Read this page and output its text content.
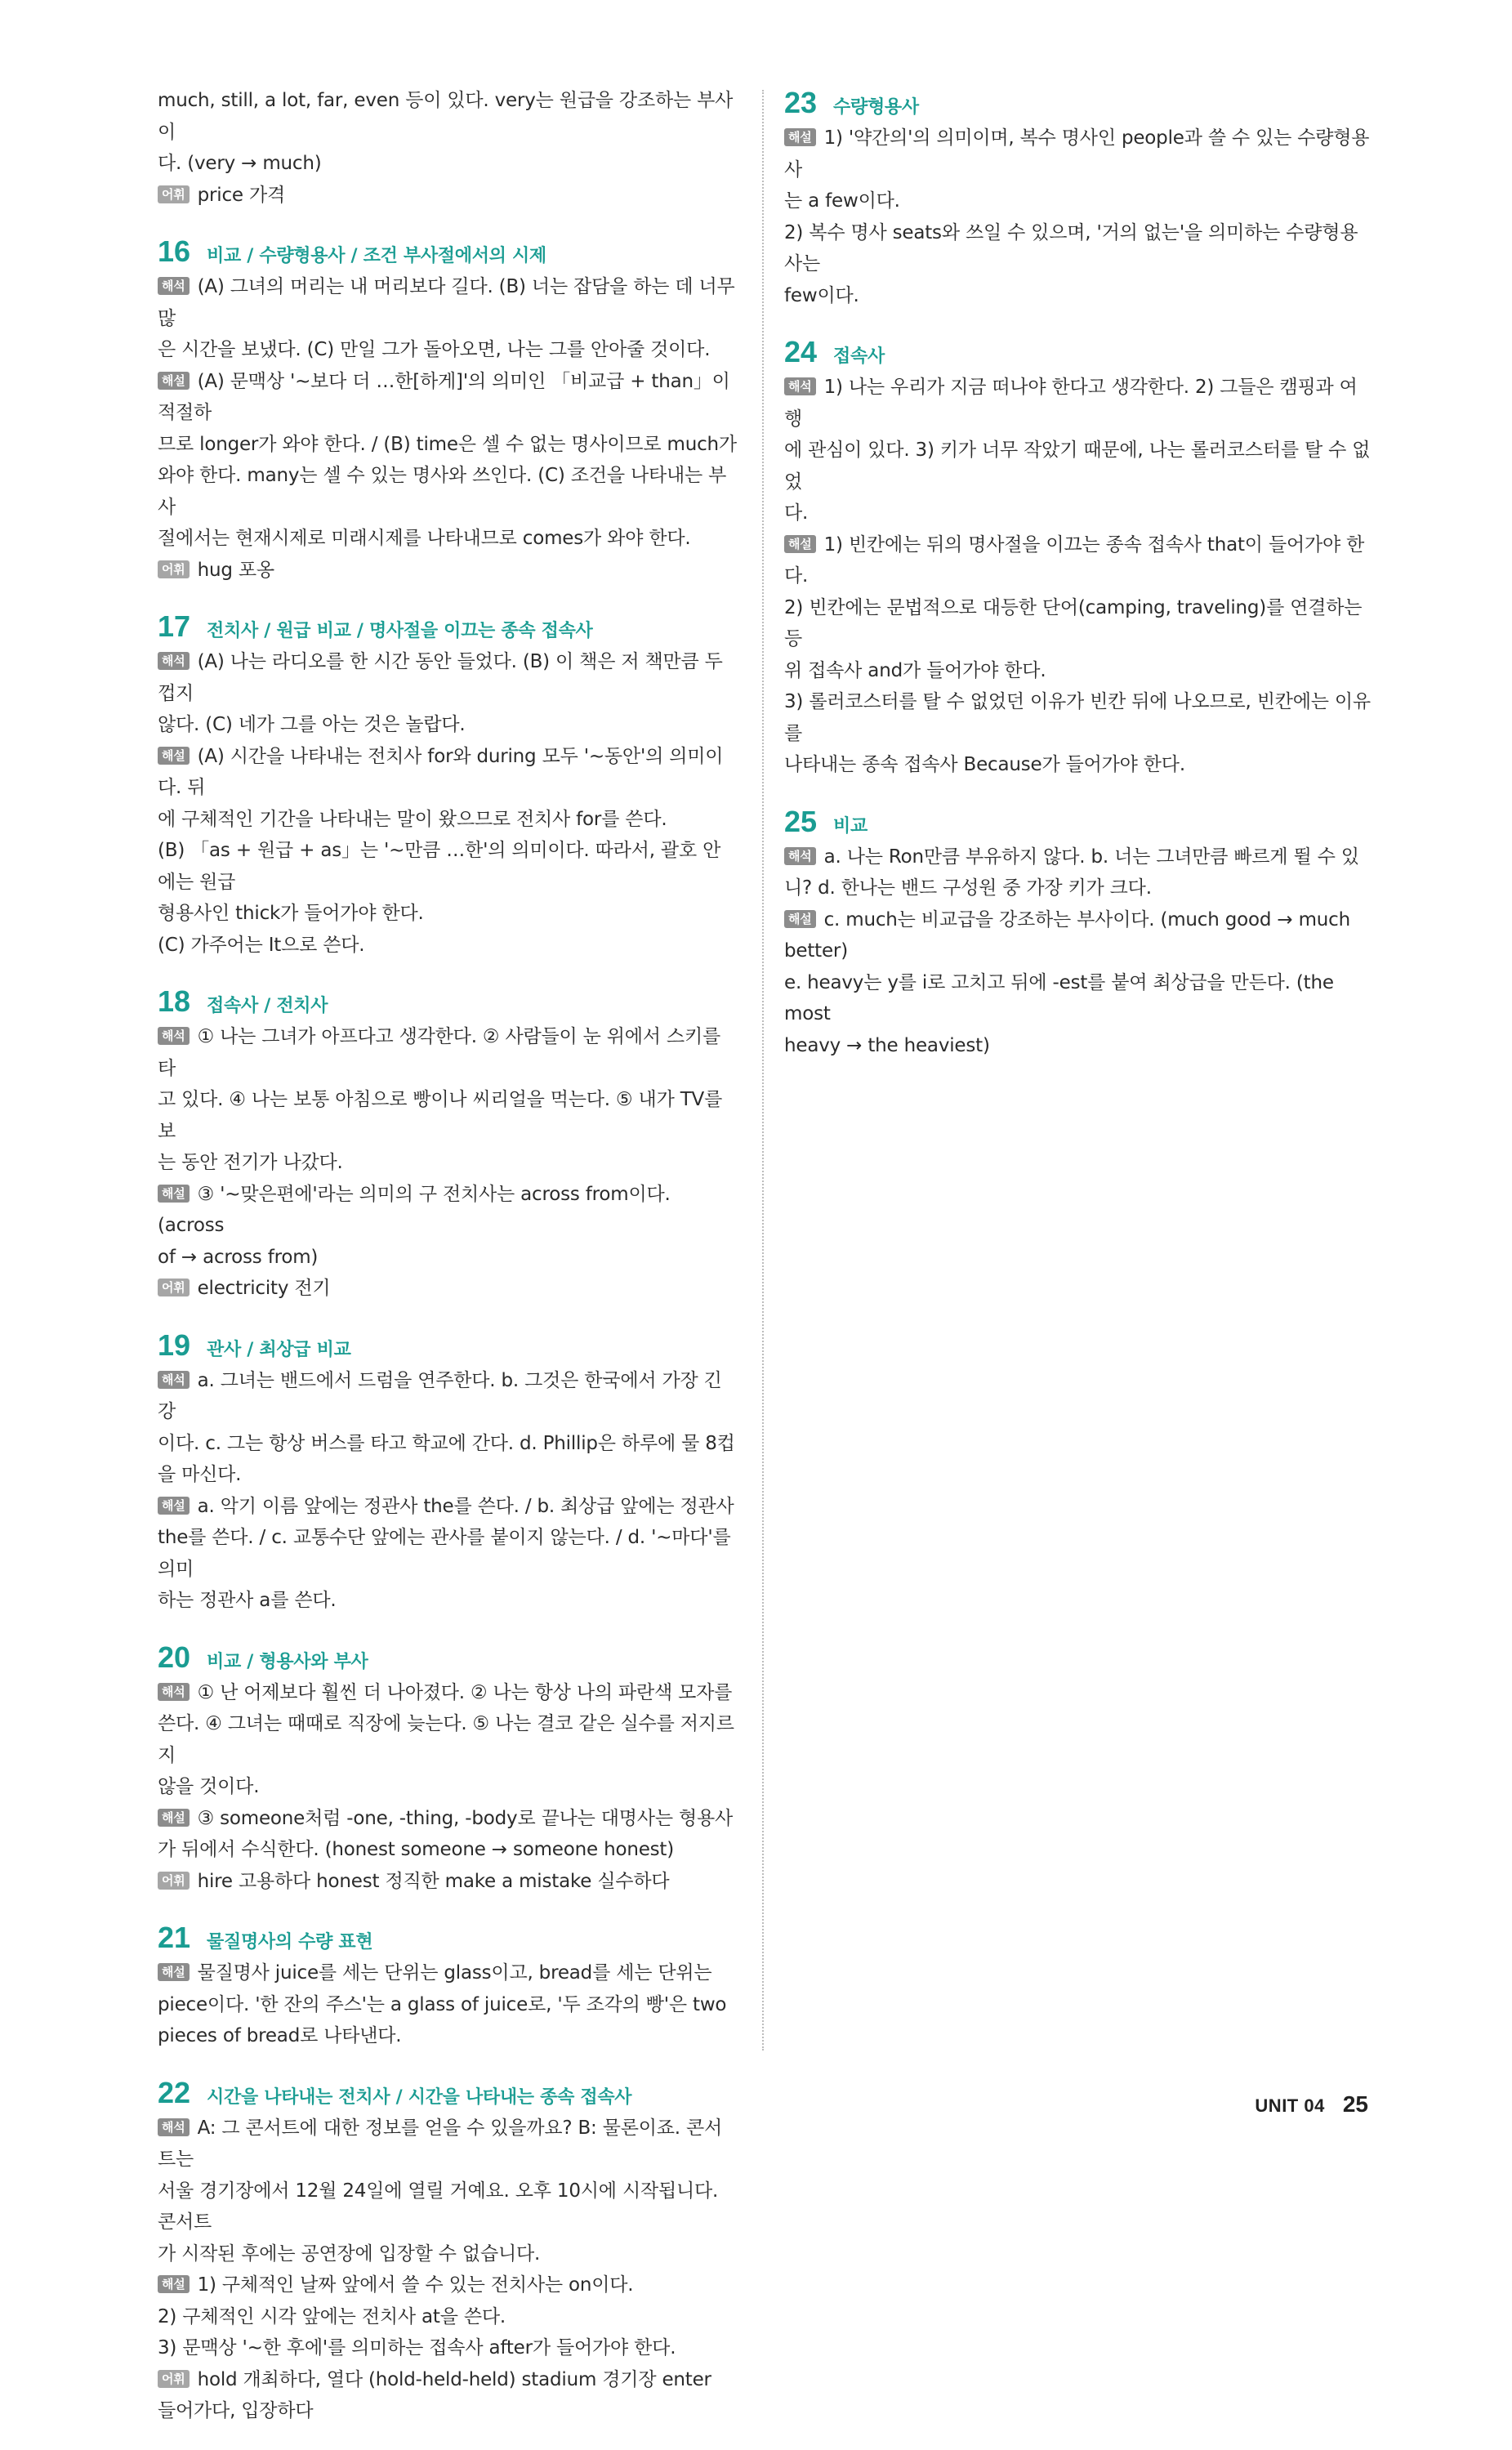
much, still, a lot, far, even 등이 있다. very는 원급을 강조하는 부사이

다. (very → much)

어휘 price 가격

16 비교 / 수량형용사 / 조건 부사절에서의 시제

해석 (A) 그녀의 머리는 내 머리보다 길다. (B) 너는 잡담을 하는 데 너무 많

은 시간을 보냈다. (C) 만일 그가 돌아오면, 나는 그를 안아줄 것이다.

해설 (A) 문맥상 '~보다 더 …한[하게]'의 의미인 「비교급 + than」이 적절하

므로 longer가 와야 한다. / (B) time은 셀 수 없는 명사이므로 much가

와야 한다. many는 셀 수 있는 명사와 쓰인다. (C) 조건을 나타내는 부사

절에서는 현재시제로 미래시제를 나타내므로 comes가 와야 한다.

어휘 hug 포옹

17 전치사 / 원급 비교 / 명사절을 이끄는 종속 접속사

해석 (A) 나는 라디오를 한 시간 동안 들었다. (B) 이 책은 저 책만큼 두껍지

않다. (C) 네가 그를 아는 것은 놀랍다.

해설 (A) 시간을 나타내는 전치사 for와 during 모두 '~동안'의 의미이다. 뒤

에 구체적인 기간을 나타내는 말이 왔으므로 전치사 for를 쓴다.

(B) 「as + 원급 + as」는 '~만큼 …한'의 의미이다. 따라서, 괄호 안에는 원급

형용사인 thick가 들어가야 한다.

(C) 가주어는 It으로 쓴다.

18 접속사 / 전치사

해석 ① 나는 그녀가 아프다고 생각한다. ② 사람들이 눈 위에서 스키를 타

고 있다. ④ 나는 보통 아침으로 빵이나 씨리얼을 먹는다. ⑤ 내가 TV를 보

는 동안 전기가 나갔다.

해설 ③ '~맞은편에'라는 의미의 구 전치사는 across from이다. (across

of → across from)

어휘 electricity 전기

19 관사 / 최상급 비교

해석 a. 그녀는 밴드에서 드럼을 연주한다. b. 그것은 한국에서 가장 긴 강

이다. c. 그는 항상 버스를 타고 학교에 간다. d. Phillip은 하루에 물 8컵

을 마신다.

해설 a. 악기 이름 앞에는 정관사 the를 쓴다. / b. 최상급 앞에는 정관사

the를 쓴다. / c. 교통수단 앞에는 관사를 붙이지 않는다. / d. '~마다'를 의미

하는 정관사 a를 쓴다.

20 비교 / 형용사와 부사

해석 ① 난 어제보다 훨씬 더 나아졌다. ② 나는 항상 나의 파란색 모자를

쓴다. ④ 그녀는 때때로 직장에 늦는다. ⑤ 나는 결코 같은 실수를 저지르지

않을 것이다.

해설 ③ someone처럼 -one, -thing, -body로 끝나는 대명사는 형용사

가 뒤에서 수식한다. (honest someone → someone honest)

어휘 hire 고용하다 honest 정직한 make a mistake 실수하다

21 물질명사의 수량 표현

해설 물질명사 juice를 세는 단위는 glass이고, bread를 세는 단위는

piece이다. '한 잔의 주스'는 a glass of juice로, '두 조각의 빵'은 two

pieces of bread로 나타낸다.

22 시간을 나타내는 전치사 / 시간을 나타내는 종속 접속사

해석 A: 그 콘서트에 대한 정보를 얻을 수 있을까요? B: 물론이죠. 콘서트는

서울 경기장에서 12월 24일에 열릴 거예요. 오후 10시에 시작됩니다. 콘서트

가 시작된 후에는 공연장에 입장할 수 없습니다.

해설 1) 구체적인 날짜 앞에서 쓸 수 있는 전치사는 on이다.

2) 구체적인 시각 앞에는 전치사 at을 쓴다.

3) 문맥상 '~한 후에'를 의미하는 접속사 after가 들어가야 한다.

어휘 hold 개최하다, 열다 (hold-held-held) stadium 경기장 enter

들어가다, 입장하다

23 수량형용사

해설 1) '약간의'의 의미이며, 복수 명사인 people과 쓸 수 있는 수량형용사

는 a few이다.

2) 복수 명사 seats와 쓰일 수 있으며, '거의 없는'을 의미하는 수량형용사는

few이다.

24 접속사

해석 1) 나는 우리가 지금 떠나야 한다고 생각한다. 2) 그들은 캠핑과 여행

에 관심이 있다. 3) 키가 너무 작았기 때문에, 나는 롤러코스터를 탈 수 없었

다.

해설 1) 빈칸에는 뒤의 명사절을 이끄는 종속 접속사 that이 들어가야 한다.

2) 빈칸에는 문법적으로 대등한 단어(camping, traveling)를 연결하는 등

위 접속사 and가 들어가야 한다.

3) 롤러코스터를 탈 수 없었던 이유가 빈칸 뒤에 나오므로, 빈칸에는 이유를

나타내는 종속 접속사 Because가 들어가야 한다.

25 비교

해석 a. 나는 Ron만큼 부유하지 않다. b. 너는 그녀만큼 빠르게 뛸 수 있

니? d. 한나는 밴드 구성원 중 가장 키가 크다.

해설 c. much는 비교급을 강조하는 부사이다. (much good → much

better)

e. heavy는 y를 i로 고치고 뒤에 -est를 붙여 최상급을 만든다. (the most

heavy → the heaviest)

UNIT 04 25
